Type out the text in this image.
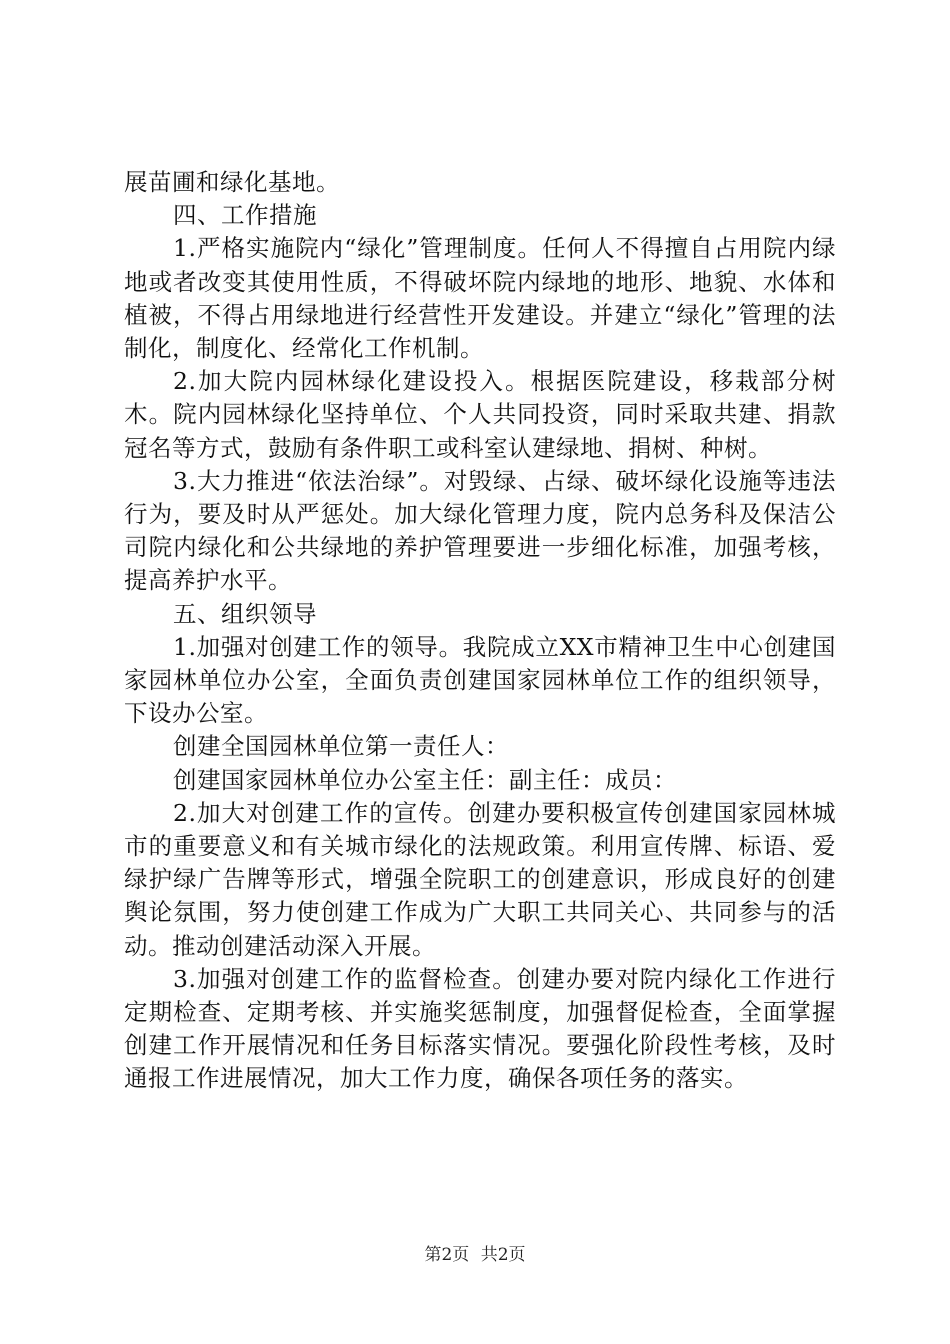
展苗圃和绿化基地。

四、工作措施

1.严格实施院内“绿化”管理制度。任何人不得擅自占用院内绿地或者改变其使用性质，不得破坏院内绿地的地形、地貌、水体和植被，不得占用绿地进行经营性开发建设。并建立“绿化”管理的法制化，制度化、经常化工作机制。

2.加大院内园林绿化建设投入。根据医院建设，移栽部分树木。院内园林绿化坚持单位、个人共同投资，同时采取共建、捐款冠名等方式，鼓励有条件职工或科室认建绿地、捐树、种树。

3.大力推进“依法治绿”。对毁绿、占绿、破坏绿化设施等违法行为，要及时从严惩处。加大绿化管理力度，院内总务科及保洁公司院内绿化和公共绿地的养护管理要进一步细化标准，加强考核，提高养护水平。

五、组织领导

1.加强对创建工作的领导。我院成立XX市精神卫生中心创建国家园林单位办公室，全面负责创建国家园林单位工作的组织领导，下设办公室。

创建全国园林单位第一责任人：

创建国家园林单位办公室主任：副主任：成员：

2.加大对创建工作的宣传。创建办要积极宣传创建国家园林城市的重要意义和有关城市绿化的法规政策。利用宣传牌、标语、爱绿护绿广告牌等形式，增强全院职工的创建意识，形成良好的创建舆论氛围，努力使创建工作成为广大职工共同关心、共同参与的活动。推动创建活动深入开展。

3.加强对创建工作的监督检查。创建办要对院内绿化工作进行定期检查、定期考核、并实施奖惩制度，加强督促检查，全面掌握创建工作开展情况和任务目标落实情况。要强化阶段性考核，及时通报工作进展情况，加大工作力度，确保各项任务的落实。

第2页 共2页
